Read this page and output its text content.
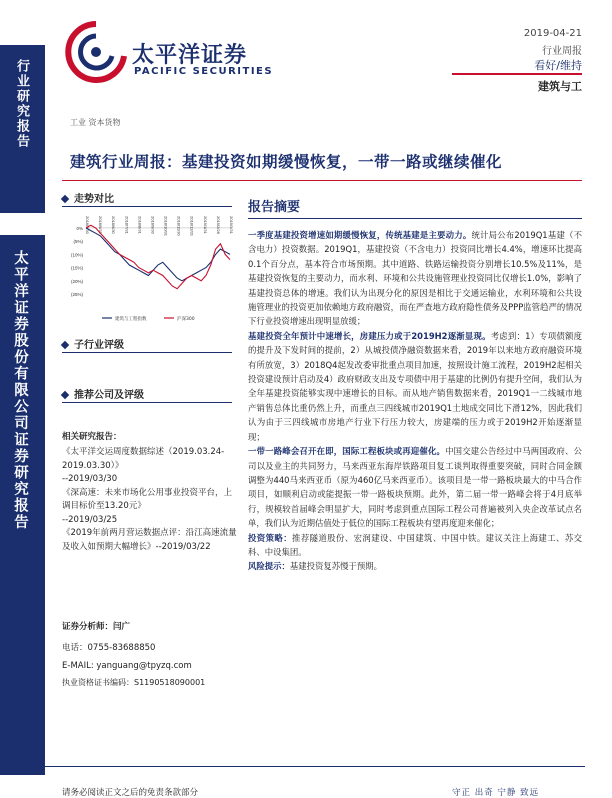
行业研究报告
太平洋证券股份有限公司证券研究报告
太平洋证券
PACIFIC SECURITIES
2019-04-21
行业周报
看好/维持
建筑与工
工业 资本货物
建筑行业周报：基建投资如期缓慢恢复，一带一路或继续催化
走势对比
0%
(5%)
(10%)
(15%)
(20%)
(25%)
2018/4/30 2018/5/31 2018/6/30 2018/7/31 2018/8/31 2018/9/30 2018/10/31 2018/11/30 2018/12/31 2019/1/31 2019/2/28 2019/3/31
建筑与工程指数	沪深300
子行业评级
推荐公司及评级
相关研究报告：
《太平洋交运周度数据综述（2019.03.24-2019.03.30）》
--2019/03/30
《深高速：未来市场化公用事业投资平台，上调目标价至13.20元》
--2019/03/25
《2019年前两月营运数据点评：沿江高速流量及收入如预期大幅增长》--2019/03/22
证券分析师：闫广
电话：0755-83688850
E-MAIL: yanguang@tpyzq.com
执业资格证书编码：S1190518090001
报告摘要

一季度基建投资增速如期缓慢恢复，传统基建是主要动力。统计局公布2019Q1基建（不含电力）投资数据。2019Q1，基建投资（不含电力）投资同比增长4.4%，增速环比提高0.1个百分点，基本符合市场预期。其中道路、铁路运输投资分别增长10.5%及11%，是基建投资恢复的主要动力，而水利、环境和公共设施管理业投资同比仅增长1.0%，影响了基建投资总体的增速。我们认为出现分化的原因是相比于交通运输业，水利环境和公共设施管理业的投资更加依赖地方政府融资，而在严查地方政府隐性债务及PPP监管趋严的情况下行业投资增速出现明显放缓；

基建投资全年预计中速增长，房建压力或于2019H2逐渐显现。考虑到：1）专项债额度的提升及下发时间的提前，2）从城投债净融资数据来看，2019年以来地方政府融资环境有所放宽，3）2018Q4起发改委审批重点项目加速，按照设计施工流程，2019H2起相关投资建设预计启动及4）政府财政支出及专项债中用于基建的比例仍有提升空间，我们认为全年基建投资能够实现中速增长的目标。而从地产销售数据来看，2019Q1一二线城市地产销售总体比重仍然上升，而重点三四线城市2019Q1土地成交同比下滑12%，因此我们认为由于三四线城市房地产行业下行压力较大，房建端的压力或于2019H2开始逐渐显现；

一带一路峰会召开在即，国际工程板块或再迎催化。中国交建公告经过中马两国政府、公司以及业主的共同努力，马来西亚东海岸铁路项目复工谈判取得重要突破，同时合同金额调整为440马来西亚币（原为460亿马来西亚币）。该项目是一带一路板块最大的中马合作项目，如顺利启动或能提振一带一路板块预期。此外，第二届一带一路峰会将于4月底举行，规模较首届峰会明显扩大，同时考虑到重点国际工程公司普遍被列入央企改革试点名单，我们认为近期估值处于低位的国际工程板块有望再度迎来催化；

投资策略：推荐隧道股份、宏润建设、中国建筑、中国中铁。建议关注上海建工、苏交科、中设集团。

风险提示：基建投资复苏慢于预期。

请务必阅读正文之后的免责条款部分	守正 出奇 宁静 致远
